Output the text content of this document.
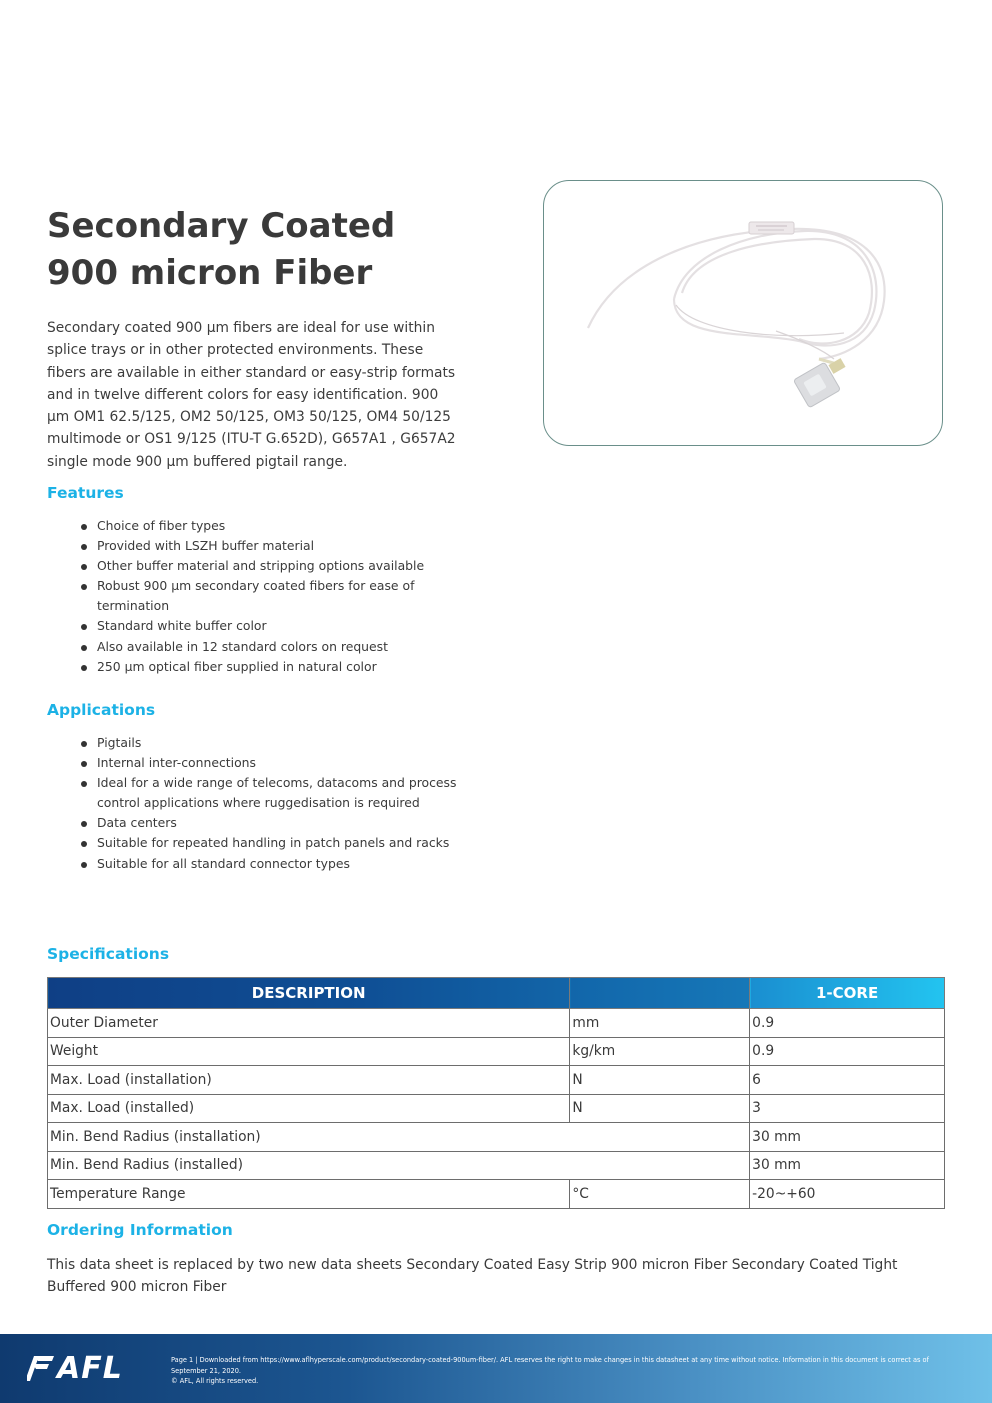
Secondary Coated
900 micron Fiber

Secondary coated 900 µm fibers are ideal for use within splice trays or in other protected environments. These fibers are available in either standard or easy-strip formats and in twelve different colors for easy identification. 900 µm OM1 62.5/125, OM2 50/125, OM3 50/125, OM4 50/125 multimode or OS1 9/125 (ITU-T G.652D), G657A1 , G657A2 single mode 900 µm buffered pigtail range.

Features
Choice of fiber types
Provided with LSZH buffer material
Other buffer material and stripping options available
Robust 900 µm secondary coated fibers for ease of termination
Standard white buffer color
Also available in 12 standard colors on request
250 µm optical fiber supplied in natural color
Applications
Pigtails
Internal inter-connections
Ideal for a wide range of telecoms, datacoms and process control applications where ruggedisation is required
Data centers
Suitable for repeated handling in patch panels and racks
Suitable for all standard connector types
Specifications
DESCRIPTION		1-CORE
Outer Diameter	mm	0.9
Weight	kg/km	0.9
Max. Load (installation)	N	6
Max. Load (installed)	N	3
Min. Bend Radius (installation)		30 mm
Min. Bend Radius (installed)		30 mm
Temperature Range	°C	-20~+60
Ordering Information

This data sheet is replaced by two new data sheets Secondary Coated Easy Strip 900 micron Fiber Secondary Coated Tight Buffered 900 micron Fiber

AFL	Page 1 | Downloaded from https://www.aflhyperscale.com/product/secondary-coated-900um-fiber/. AFL reserves the right to make changes in this datasheet at any time without notice. Information in this document is correct as of
September 21, 2020.
© AFL, All rights reserved.
